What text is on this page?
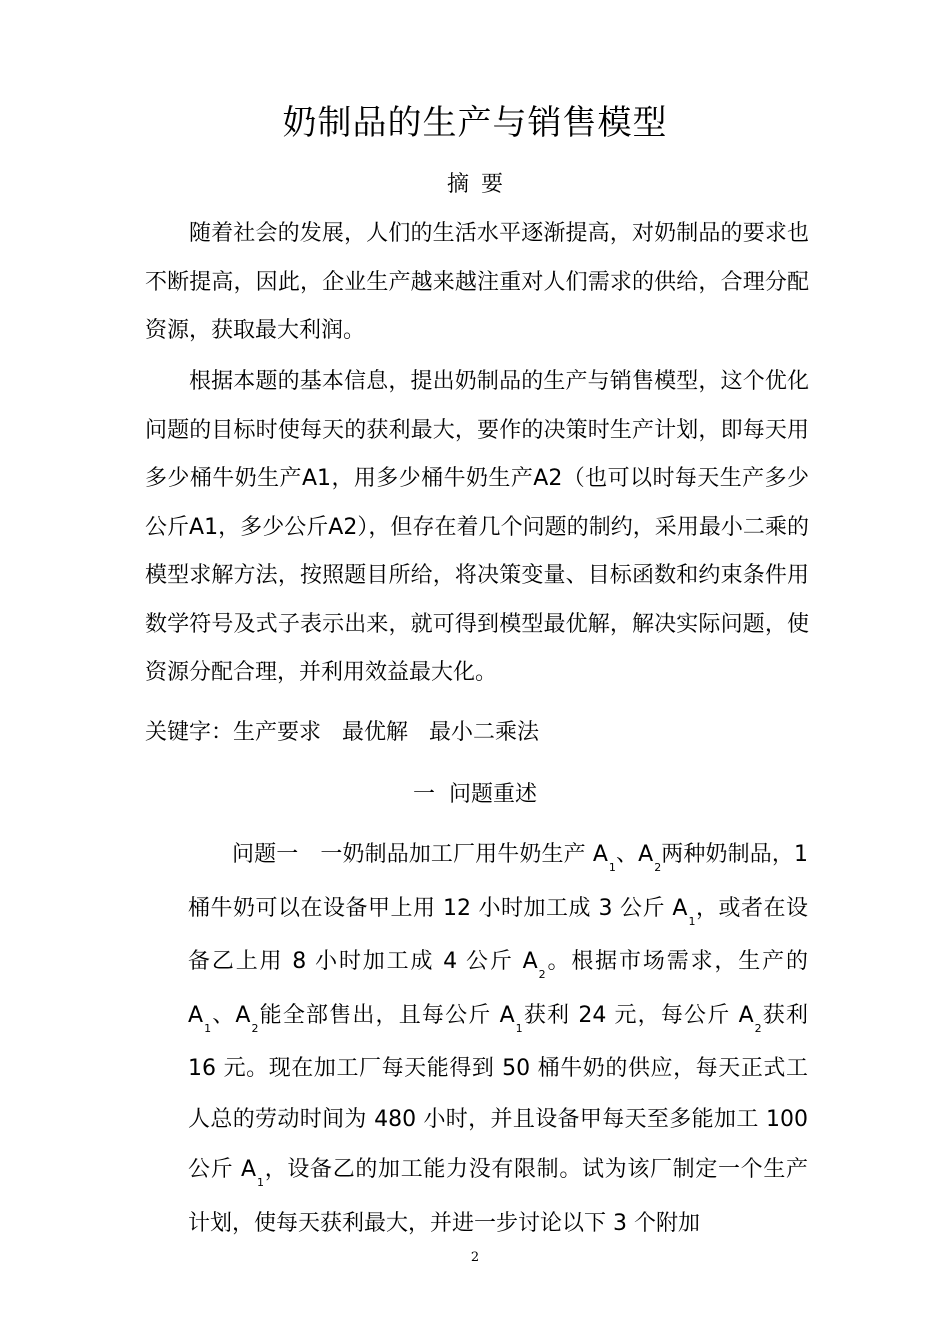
奶制品的生产与销售模型
摘要

随着社会的发展，人们的生活水平逐渐提高，对奶制品的要求也不断提高，因此，企业生产越来越注重对人们需求的供给，合理分配资源，获取最大利润。

根据本题的基本信息，提出奶制品的生产与销售模型，这个优化问题的目标时使每天的获利最大，要作的决策时生产计划，即每天用多少桶牛奶生产A1，用多少桶牛奶生产A2（也可以时每天生产多少公斤A1，多少公斤A2），但存在着几个问题的制约，采用最小二乘的模型求解方法，按照题目所给，将决策变量、目标函数和约束条件用数学符号及式子表示出来，就可得到模型最优解，解决实际问题，使资源分配合理，并利用效益最大化。

关键字：生产要求 最优解 最小二乘法
一 问题重述

问题一 一奶制品加工厂用牛奶生产 $A_1$、$A_2$两种奶制品，1 桶牛奶可以在设备甲上用 12 小时加工成 3 公斤 $A_1$，或者在设备乙上用 8 小时加工成 4 公斤 $A_2$。根据市场需求，生产的 $A_1$、$A_2$能全部售出，且每公斤 $A_1$获利 24 元，每公斤 $A_2$获利 16 元。现在加工厂每天能得到 50 桶牛奶的供应，每天正式工人总的劳动时间为 480 小时，并且设备甲每天至多能加工 100 公斤 $A_1$，设备乙的加工能力没有限制。试为该厂制定一个生产计划，使每天获利最大，并进一步讨论以下 3 个附加

2
